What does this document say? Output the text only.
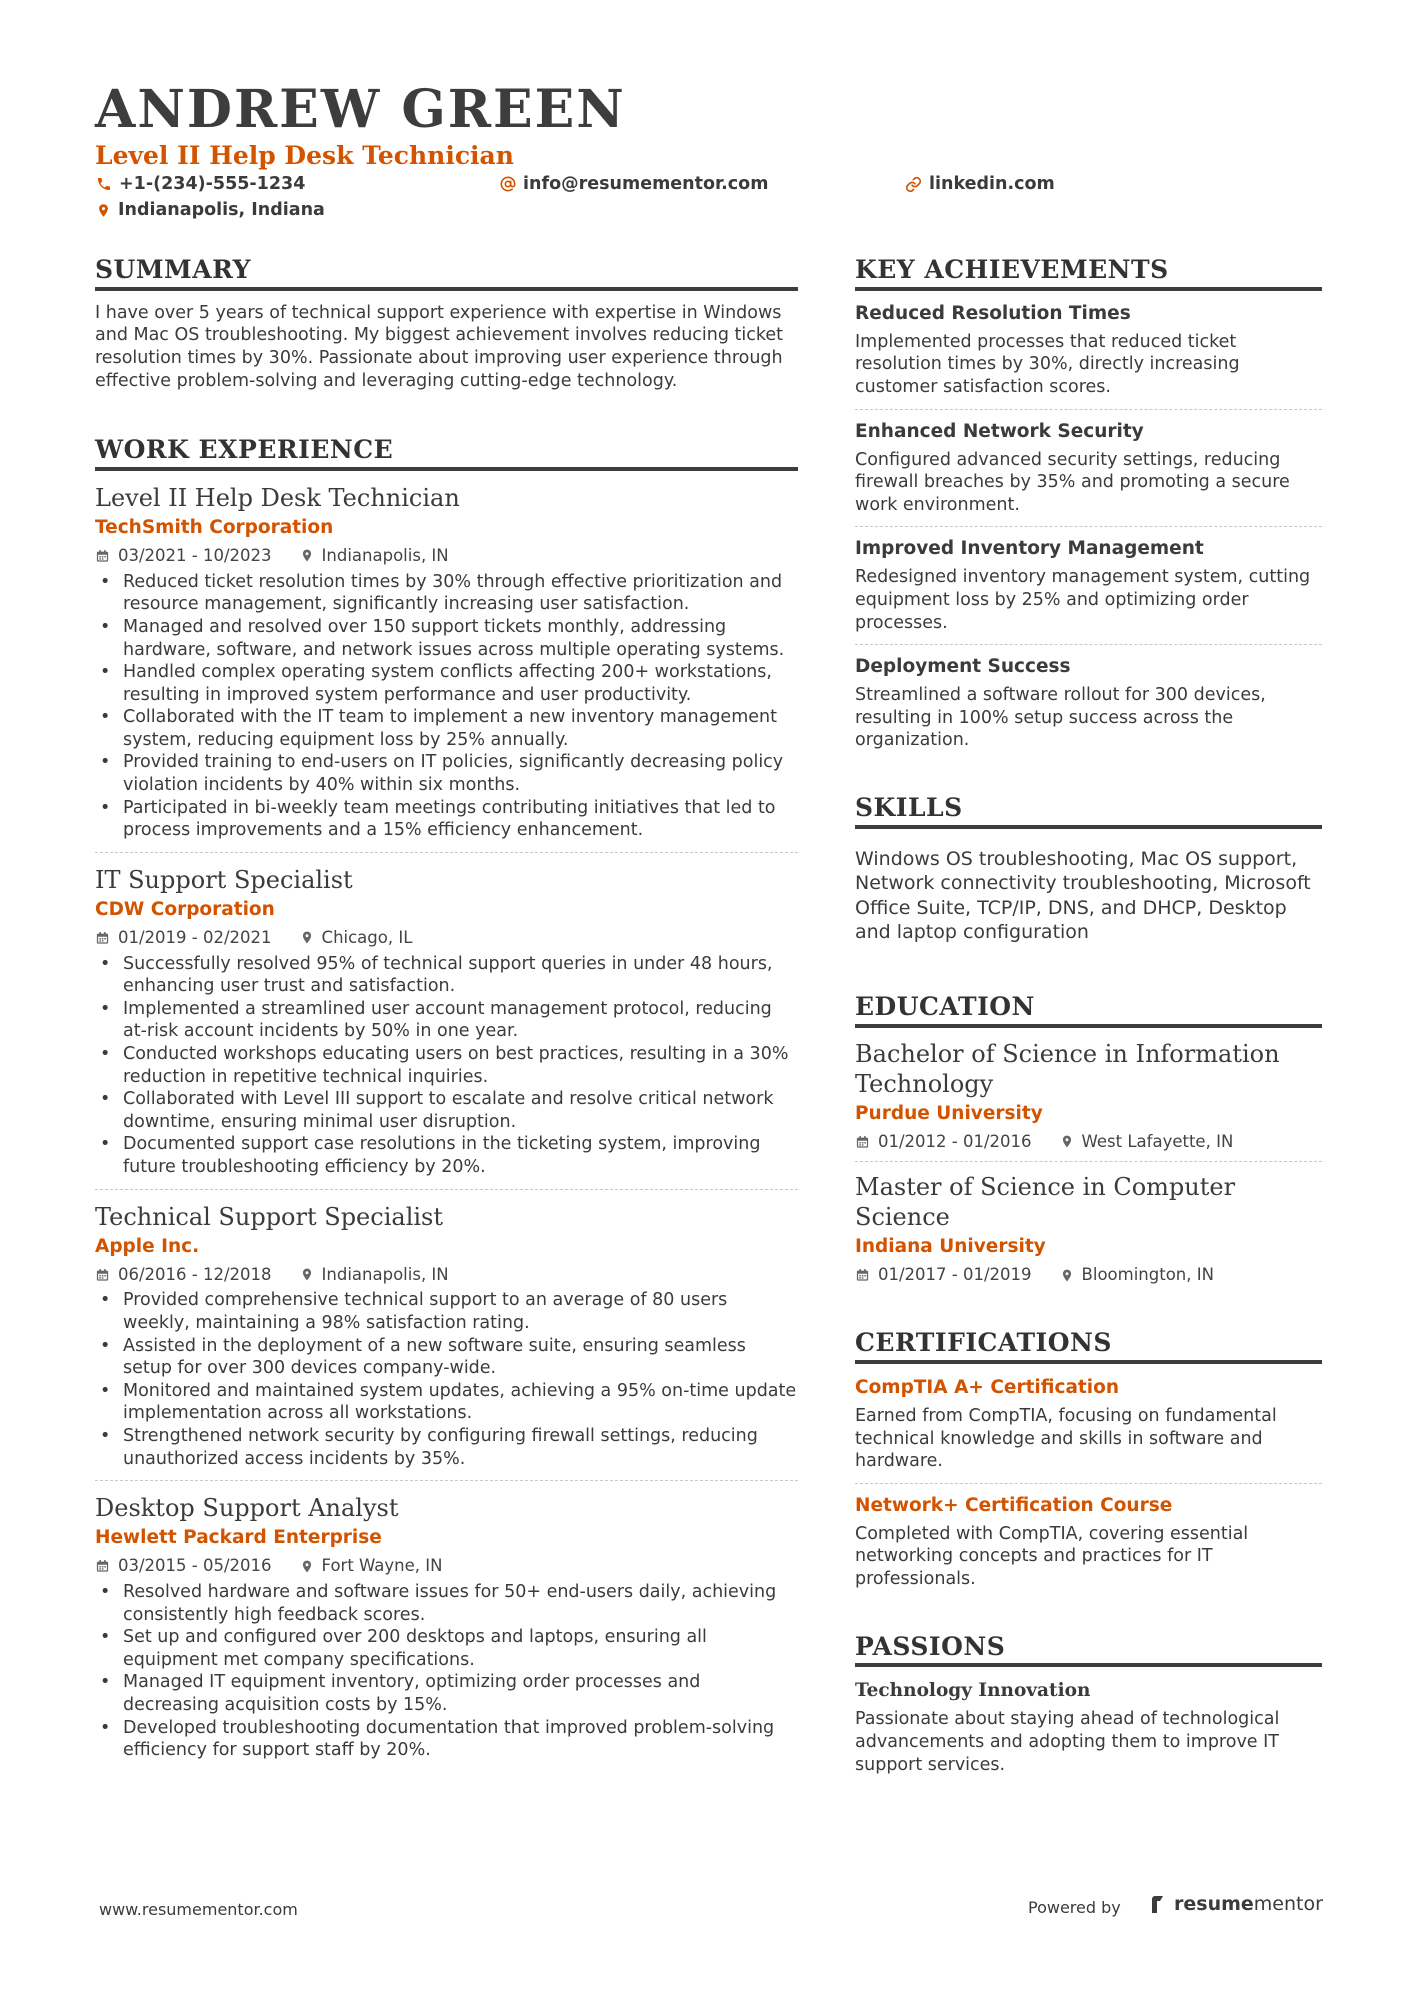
ANDREW GREEN
Level II Help Desk Technician
+1-(234)-555-1234	info@resumementor.com	linkedin.com
Indianapolis, Indiana
SUMMARY
I have over 5 years of technical support experience with expertise in Windows and Mac OS troubleshooting. My biggest achievement involves reducing ticket resolution times by 30%. Passionate about improving user experience through effective problem-solving and leveraging cutting-edge technology.
WORK EXPERIENCE
Level II Help Desk Technician
TechSmith Corporation
03/2021 - 10/2023	Indianapolis, IN
• Reduced ticket resolution times by 30% through effective prioritization and resource management, significantly increasing user satisfaction.
• Managed and resolved over 150 support tickets monthly, addressing hardware, software, and network issues across multiple operating systems.
• Handled complex operating system conflicts affecting 200+ workstations, resulting in improved system performance and user productivity.
• Collaborated with the IT team to implement a new inventory management system, reducing equipment loss by 25% annually.
• Provided training to end-users on IT policies, significantly decreasing policy violation incidents by 40% within six months.
• Participated in bi-weekly team meetings contributing initiatives that led to process improvements and a 15% efficiency enhancement.
IT Support Specialist
CDW Corporation
01/2019 - 02/2021	Chicago, IL
• Successfully resolved 95% of technical support queries in under 48 hours, enhancing user trust and satisfaction.
• Implemented a streamlined user account management protocol, reducing at-risk account incidents by 50% in one year.
• Conducted workshops educating users on best practices, resulting in a 30% reduction in repetitive technical inquiries.
• Collaborated with Level III support to escalate and resolve critical network downtime, ensuring minimal user disruption.
• Documented support case resolutions in the ticketing system, improving future troubleshooting efficiency by 20%.
Technical Support Specialist
Apple Inc.
06/2016 - 12/2018	Indianapolis, IN
• Provided comprehensive technical support to an average of 80 users weekly, maintaining a 98% satisfaction rating.
• Assisted in the deployment of a new software suite, ensuring seamless setup for over 300 devices company-wide.
• Monitored and maintained system updates, achieving a 95% on-time update implementation across all workstations.
• Strengthened network security by configuring firewall settings, reducing unauthorized access incidents by 35%.
Desktop Support Analyst
Hewlett Packard Enterprise
03/2015 - 05/2016	Fort Wayne, IN
• Resolved hardware and software issues for 50+ end-users daily, achieving consistently high feedback scores.
• Set up and configured over 200 desktops and laptops, ensuring all equipment met company specifications.
• Managed IT equipment inventory, optimizing order processes and decreasing acquisition costs by 15%.
• Developed troubleshooting documentation that improved problem-solving efficiency for support staff by 20%.
KEY ACHIEVEMENTS
Reduced Resolution Times
Implemented processes that reduced ticket resolution times by 30%, directly increasing customer satisfaction scores.
Enhanced Network Security
Configured advanced security settings, reducing firewall breaches by 35% and promoting a secure work environment.
Improved Inventory Management
Redesigned inventory management system, cutting equipment loss by 25% and optimizing order processes.
Deployment Success
Streamlined a software rollout for 300 devices, resulting in 100% setup success across the organization.
SKILLS
Windows OS troubleshooting, Mac OS support, Network connectivity troubleshooting, Microsoft Office Suite, TCP/IP, DNS, and DHCP, Desktop and laptop configuration
EDUCATION
Bachelor of Science in Information Technology
Purdue University
01/2012 - 01/2016	West Lafayette, IN
Master of Science in Computer Science
Indiana University
01/2017 - 01/2019	Bloomington, IN
CERTIFICATIONS
CompTIA A+ Certification
Earned from CompTIA, focusing on fundamental technical knowledge and skills in software and hardware.
Network+ Certification Course
Completed with CompTIA, covering essential networking concepts and practices for IT professionals.
PASSIONS
Technology Innovation
Passionate about staying ahead of technological advancements and adopting them to improve IT support services.
www.resumementor.com	Powered by	resumementor
